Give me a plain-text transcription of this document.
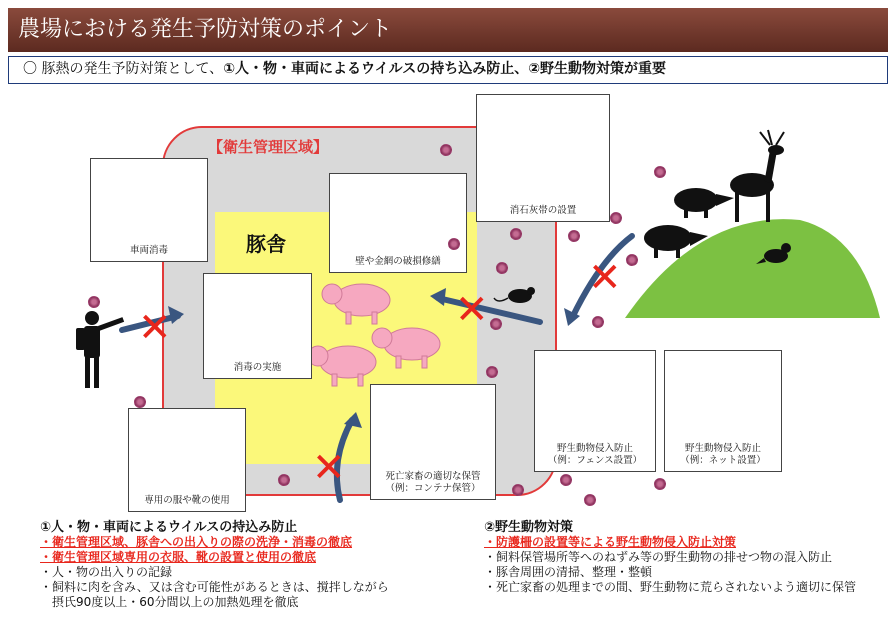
農場における発生予防対策のポイント
〇 豚熱の発生予防対策として、①人・物・車両によるウイルスの持ち込み防止、②野生動物対策が重要
【衛生管理区域】
豚舎
車両消毒
消毒の実施
専用の服や靴の使用
壁や金網の破損修繕
消石灰帯の設置
野生動物侵入防止
（例：フェンス設置）
野生動物侵入防止
（例：ネット設置）
死亡家畜の適切な保管
（例：コンテナ保管）
✕	✕
✕
✕
①人・物・車両によるウイルスの持込み防止
・衛生管理区域、豚舎への出入りの際の洗浄・消毒の徹底
・衛生管理区域専用の衣服、靴の設置と使用の徹底
・人・物の出入りの記録
・飼料に肉を含み、又は含む可能性があるときは、撹拌しながら
　摂氏90度以上・60分間以上の加熱処理を徹底
②野生動物対策
・防護柵の設置等による野生動物侵入防止対策
・飼料保管場所等へのねずみ等の野生動物の排せつ物の混入防止
・豚舎周囲の清掃、整理・整頓
・死亡家畜の処理までの間、野生動物に荒らされないよう適切に保管
